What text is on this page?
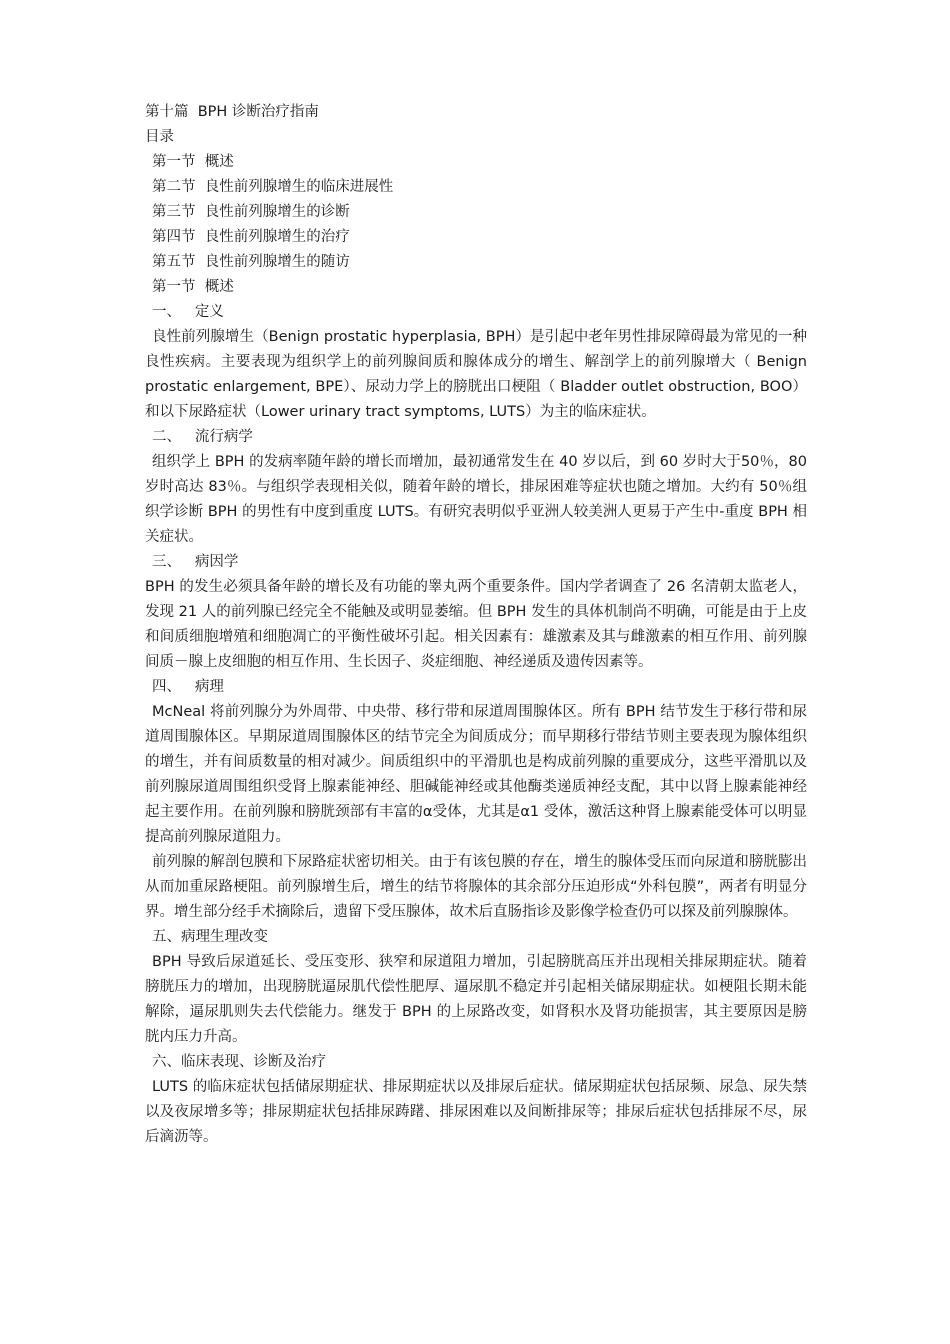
第十篇  BPH 诊断治疗指南
目录
第一节  概述
第二节  良性前列腺增生的临床进展性
第三节  良性前列腺增生的诊断
第四节  良性前列腺增生的治疗
第五节  良性前列腺增生的随访
第一节  概述
一、   定义

良性前列腺增生（Benign prostatic hyperplasia, BPH）是引起中老年男性排尿障碍最为常见的一种良性疾病。主要表现为组织学上的前列腺间质和腺体成分的增生、解剖学上的前列腺增大（ Benign prostatic enlargement, BPE）、尿动力学上的膀胱出口梗阻（ Bladder outlet obstruction, BOO）和以下尿路症状（Lower urinary tract symptoms, LUTS）为主的临床症状。

二、   流行病学

组织学上 BPH 的发病率随年龄的增长而增加，最初通常发生在 40 岁以后，到 60 岁时大于50％，80 岁时高达 83％。与组织学表现相关似，随着年龄的增长，排尿困难等症状也随之增加。大约有 50％组织学诊断 BPH 的男性有中度到重度 LUTS。有研究表明似乎亚洲人较美洲人更易于产生中-重度 BPH 相关症状。

三、   病因学

BPH 的发生必须具备年龄的增长及有功能的睾丸两个重要条件。国内学者调查了 26 名清朝太监老人，发现 21 人的前列腺已经完全不能触及或明显萎缩。但 BPH 发生的具体机制尚不明确，可能是由于上皮和间质细胞增殖和细胞凋亡的平衡性破坏引起。相关因素有：雄激素及其与雌激素的相互作用、前列腺间质－腺上皮细胞的相互作用、生长因子、炎症细胞、神经递质及遗传因素等。

四、   病理

McNeal 将前列腺分为外周带、中央带、移行带和尿道周围腺体区。所有 BPH 结节发生于移行带和尿道周围腺体区。早期尿道周围腺体区的结节完全为间质成分；而早期移行带结节则主要表现为腺体组织的增生，并有间质数量的相对减少。间质组织中的平滑肌也是构成前列腺的重要成分，这些平滑肌以及前列腺尿道周围组织受肾上腺素能神经、胆碱能神经或其他酶类递质神经支配，其中以肾上腺素能神经起主要作用。在前列腺和膀胱颈部有丰富的α受体，尤其是α1 受体，激活这种肾上腺素能受体可以明显提高前列腺尿道阻力。

前列腺的解剖包膜和下尿路症状密切相关。由于有该包膜的存在，增生的腺体受压而向尿道和膀胱膨出从而加重尿路梗阻。前列腺增生后，增生的结节将腺体的其余部分压迫形成“外科包膜”，两者有明显分界。增生部分经手术摘除后，遗留下受压腺体，故术后直肠指诊及影像学检查仍可以探及前列腺腺体。

五、病理生理改变

BPH 导致后尿道延长、受压变形、狭窄和尿道阻力增加，引起膀胱高压并出现相关排尿期症状。随着膀胱压力的增加，出现膀胱逼尿肌代偿性肥厚、逼尿肌不稳定并引起相关储尿期症状。如梗阻长期未能解除，逼尿肌则失去代偿能力。继发于 BPH 的上尿路改变，如肾积水及肾功能损害，其主要原因是膀胱内压力升高。

六、临床表现、诊断及治疗

LUTS 的临床症状包括储尿期症状、排尿期症状以及排尿后症状。储尿期症状包括尿频、尿急、尿失禁以及夜尿增多等；排尿期症状包括排尿踌躇、排尿困难以及间断排尿等；排尿后症状包括排尿不尽，尿后滴沥等。
